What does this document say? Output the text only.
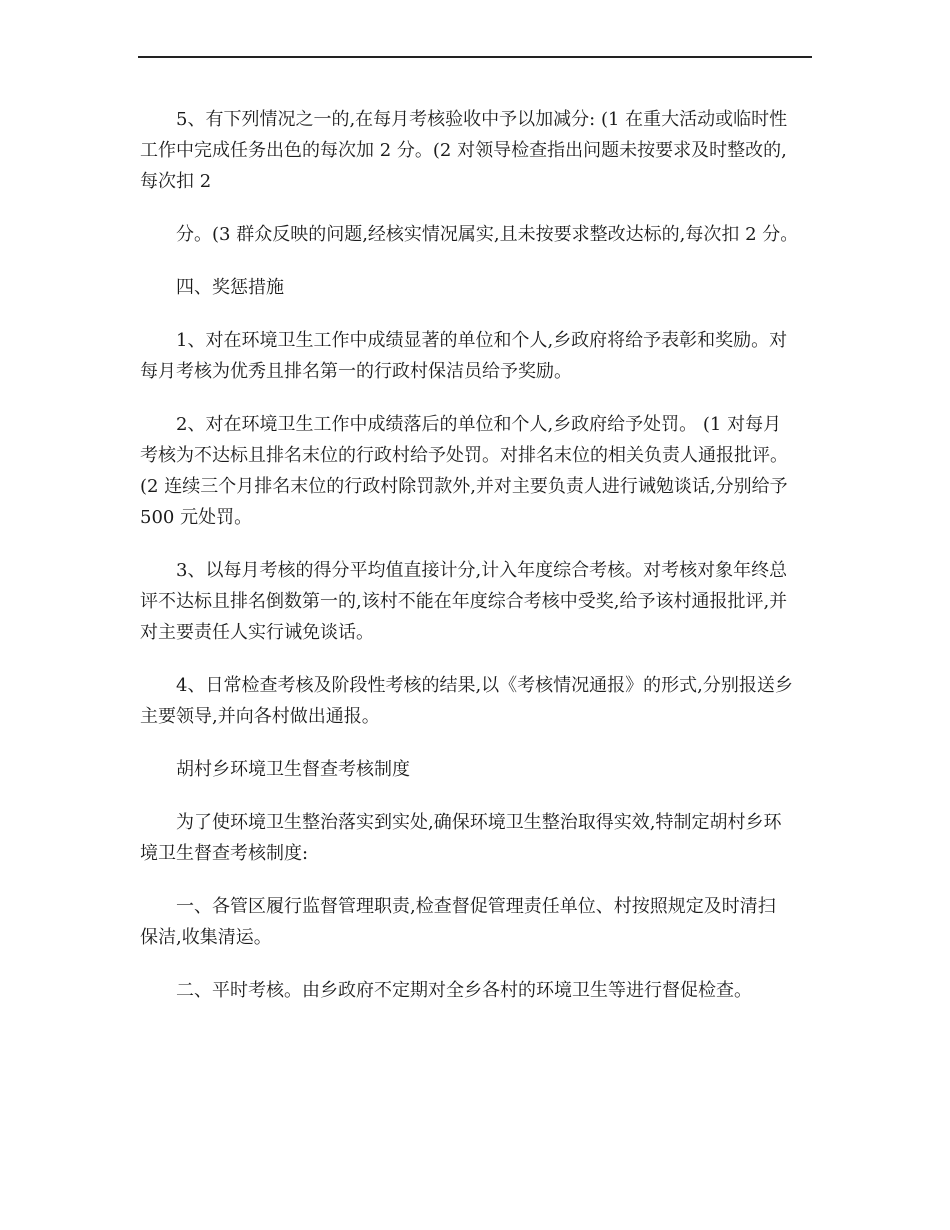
5、有下列情况之一的,在每月考核验收中予以加减分: (1 在重大活动或临时性
工作中完成任务出色的每次加 2 分。(2 对领导检查指出问题未按要求及时整改的,
每次扣 2

分。(3 群众反映的问题,经核实情况属实,且未按要求整改达标的,每次扣 2 分。

四、奖惩措施

1、对在环境卫生工作中成绩显著的单位和个人,乡政府将给予表彰和奖励。对
每月考核为优秀且排名第一的行政村保洁员给予奖励。

2、对在环境卫生工作中成绩落后的单位和个人,乡政府给予处罚。 (1 对每月
考核为不达标且排名末位的行政村给予处罚。对排名末位的相关负责人通报批评。
(2 连续三个月排名末位的行政村除罚款外,并对主要负责人进行诫勉谈话,分别给予
500 元处罚。

3、以每月考核的得分平均值直接计分,计入年度综合考核。对考核对象年终总
评不达标且排名倒数第一的,该村不能在年度综合考核中受奖,给予该村通报批评,并
对主要责任人实行诫免谈话。

4、日常检查考核及阶段性考核的结果,以《考核情况通报》的形式,分别报送乡
主要领导,并向各村做出通报。

胡村乡环境卫生督查考核制度

为了使环境卫生整治落实到实处,确保环境卫生整治取得实效,特制定胡村乡环
境卫生督查考核制度:

一、各管区履行监督管理职责,检查督促管理责任单位、村按照规定及时清扫
保洁,收集清运。

二、平时考核。由乡政府不定期对全乡各村的环境卫生等进行督促检查。
